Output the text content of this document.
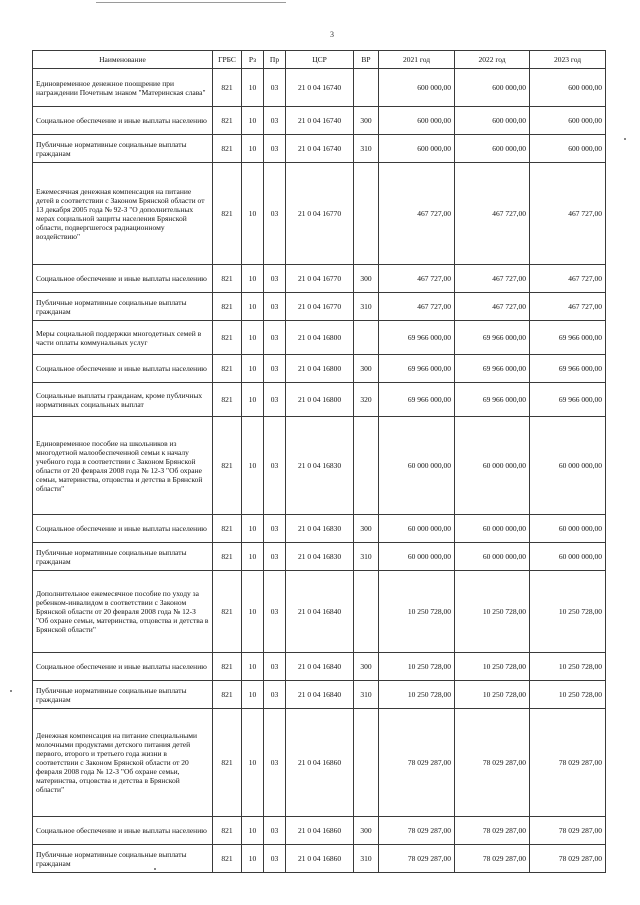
3
Наименование	ГРБС	Рз	Пр	ЦСР	ВР	2021 год	2022 год	2023 год
Единовременное денежное поощрение при награждении Почетным знаком "Материнская слава"	821	10	03	21 0 04 16740		600 000,00	600 000,00	600 000,00
Социальное обеспечение и иные выплаты населению	821	10	03	21 0 04 16740	300	600 000,00	600 000,00	600 000,00
Публичные нормативные социальные выплаты гражданам	821	10	03	21 0 04 16740	310	600 000,00	600 000,00	600 000,00
Ежемесячная денежная компенсация на питание детей в соответствии с Законом Брянской области от 13 декабря 2005 года № 92-З "О дополнительных мерах социальной защиты населения Брянской области, подвергшегося радиационному воздействию"	821	10	03	21 0 04 16770		467 727,00	467 727,00	467 727,00
Социальное обеспечение и иные выплаты населению	821	10	03	21 0 04 16770	300	467 727,00	467 727,00	467 727,00
Публичные нормативные социальные выплаты гражданам	821	10	03	21 0 04 16770	310	467 727,00	467 727,00	467 727,00
Меры социальной поддержки многодетных семей в части оплаты коммунальных услуг	821	10	03	21 0 04 16800		69 966 000,00	69 966 000,00	69 966 000,00
Социальное обеспечение и иные выплаты населению	821	10	03	21 0 04 16800	300	69 966 000,00	69 966 000,00	69 966 000,00
Социальные выплаты гражданам, кроме публичных нормативных социальных выплат	821	10	03	21 0 04 16800	320	69 966 000,00	69 966 000,00	69 966 000,00
Единовременное пособие на школьников из многодетной малообеспеченной семьи к началу учебного года в соответствии с Законом Брянской области от 20 февраля 2008 года № 12-З "Об охране семьи, материнства, отцовства и детства в Брянской области"	821	10	03	21 0 04 16830		60 000 000,00	60 000 000,00	60 000 000,00
Социальное обеспечение и иные выплаты населению	821	10	03	21 0 04 16830	300	60 000 000,00	60 000 000,00	60 000 000,00
Публичные нормативные социальные выплаты гражданам	821	10	03	21 0 04 16830	310	60 000 000,00	60 000 000,00	60 000 000,00
Дополнительное ежемесячное пособие по уходу за ребенком-инвалидом в соответствии с Законом Брянской области от 20 февраля 2008 года № 12-З "Об охране семьи, материнства, отцовства и детства в Брянской области"	821	10	03	21 0 04 16840		10 250 728,00	10 250 728,00	10 250 728,00
Социальное обеспечение и иные выплаты населению	821	10	03	21 0 04 16840	300	10 250 728,00	10 250 728,00	10 250 728,00
Публичные нормативные социальные выплаты гражданам	821	10	03	21 0 04 16840	310	10 250 728,00	10 250 728,00	10 250 728,00
Денежная компенсация на питание специальными молочными продуктами детского питания детей первого, второго и третьего года жизни в соответствии с Законом Брянской области от 20 февраля 2008 года № 12-З "Об охране семьи, материнства, отцовства и детства в Брянской области"	821	10	03	21 0 04 16860		78 029 287,00	78 029 287,00	78 029 287,00
Социальное обеспечение и иные выплаты населению	821	10	03	21 0 04 16860	300	78 029 287,00	78 029 287,00	78 029 287,00
Публичные нормативные социальные выплаты гражданам	821	10	03	21 0 04 16860	310	78 029 287,00	78 029 287,00	78 029 287,00
